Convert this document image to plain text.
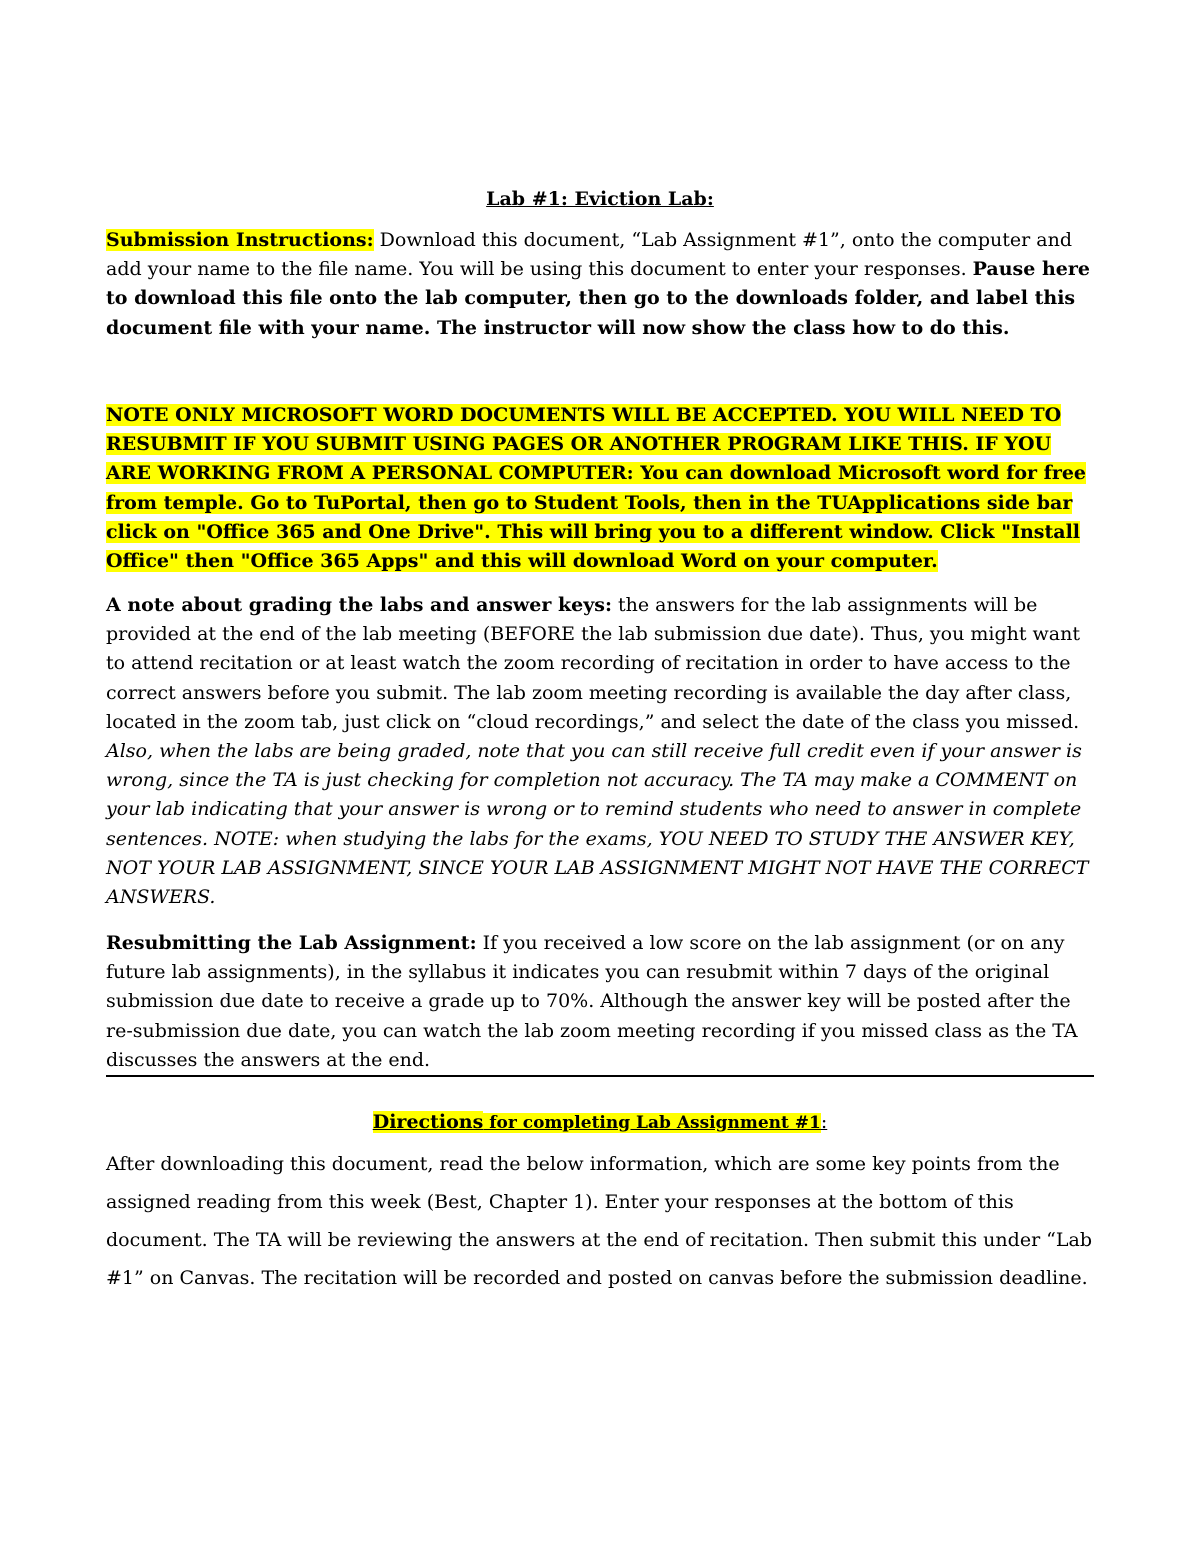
Lab #1: Eviction Lab:

Submission Instructions: Download this document, “Lab Assignment #1”, onto the computer and add your name to the file name. You will be using this document to enter your responses. Pause here to download this file onto the lab computer, then go to the downloads folder, and label this document file with your name. The instructor will now show the class how to do this.

NOTE ONLY MICROSOFT WORD DOCUMENTS WILL BE ACCEPTED. YOU WILL NEED TO RESUBMIT IF YOU SUBMIT USING PAGES OR ANOTHER PROGRAM LIKE THIS. IF YOU ARE WORKING FROM A PERSONAL COMPUTER: You can download Microsoft word for free from temple. Go to TuPortal, then go to Student Tools, then in the TUApplications side bar click on "Office 365 and One Drive". This will bring you to a different window. Click "Install Office" then "Office 365 Apps" and this will download Word on your computer.

A note about grading the labs and answer keys: the answers for the lab assignments will be provided at the end of the lab meeting (BEFORE the lab submission due date). Thus, you might want to attend recitation or at least watch the zoom recording of recitation in order to have access to the correct answers before you submit. The lab zoom meeting recording is available the day after class, located in the zoom tab, just click on “cloud recordings,” and select the date of the class you missed. Also, when the labs are being graded, note that you can still receive full credit even if your answer is wrong, since the TA is just checking for completion not accuracy. The TA may make a COMMENT on your lab indicating that your answer is wrong or to remind students who need to answer in complete sentences. NOTE: when studying the labs for the exams, YOU NEED TO STUDY THE ANSWER KEY, NOT YOUR LAB ASSIGNMENT, SINCE YOUR LAB ASSIGNMENT MIGHT NOT HAVE THE CORRECT ANSWERS.

Resubmitting the Lab Assignment: If you received a low score on the lab assignment (or on any future lab assignments), in the syllabus it indicates you can resubmit within 7 days of the original submission due date to receive a grade up to 70%. Although the answer key will be posted after the re-submission due date, you can watch the lab zoom meeting recording if you missed class as the TA discusses the answers at the end.

Directions for completing Lab Assignment #1:

After downloading this document, read the below information, which are some key points from the assigned reading from this week (Best, Chapter 1). Enter your responses at the bottom of this document. The TA will be reviewing the answers at the end of recitation. Then submit this under “Lab #1” on Canvas. The recitation will be recorded and posted on canvas before the submission deadline.
